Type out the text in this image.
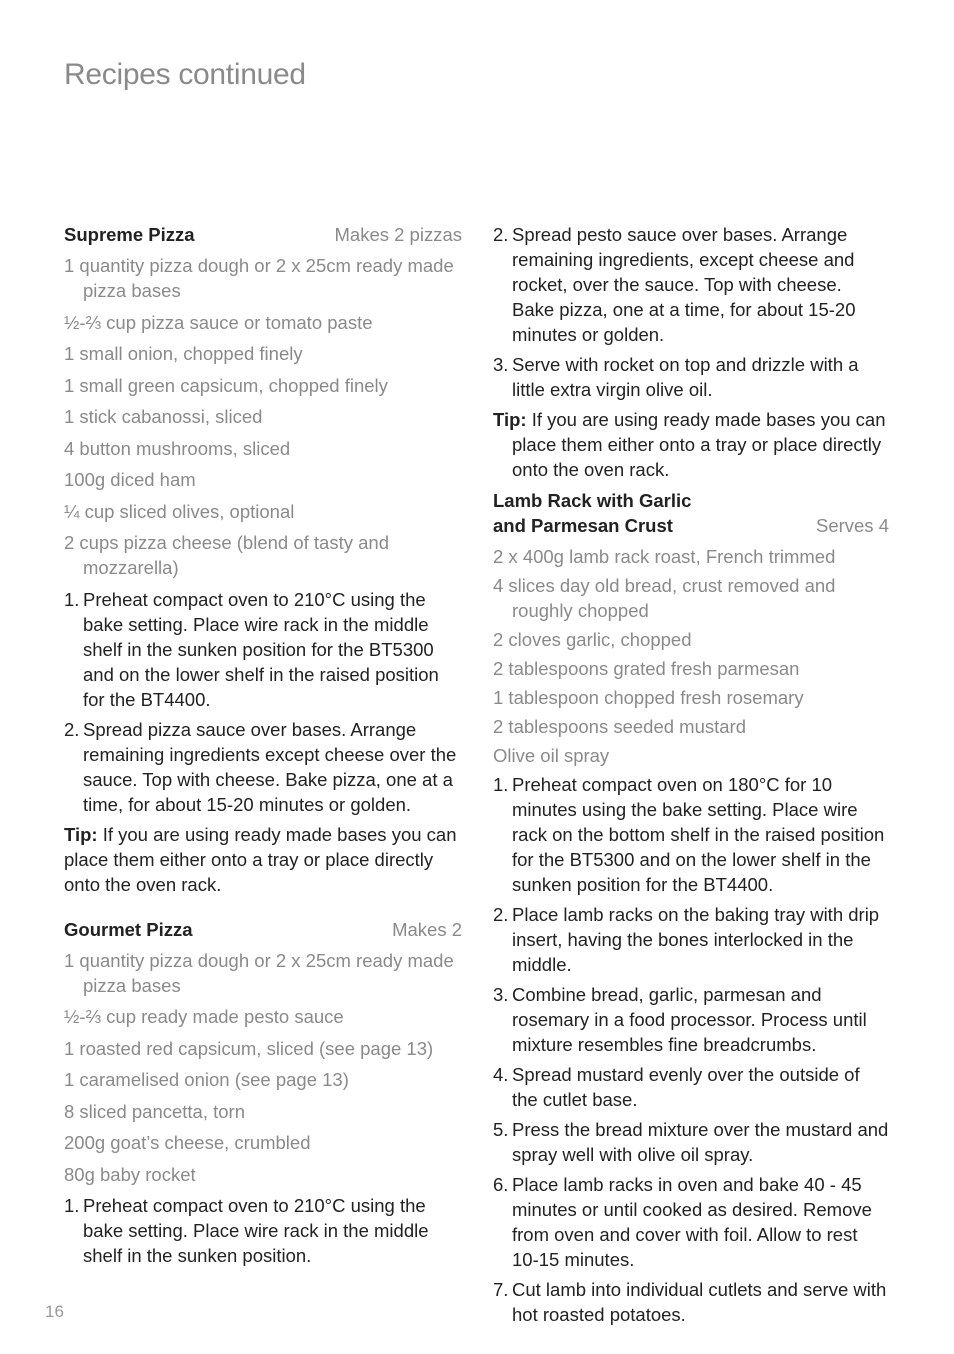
Recipes continued
Supreme Pizza	Makes 2 pizzas
1 quantity pizza dough or 2 x 25cm ready made pizza bases
½-⅔ cup pizza sauce or tomato paste
1 small onion, chopped finely
1 small green capsicum, chopped finely
1 stick cabanossi, sliced
4 button mushrooms, sliced
100g diced ham
¼ cup sliced olives, optional
2 cups pizza cheese (blend of tasty and mozzarella)
1. Preheat compact oven to 210°C using the bake setting. Place wire rack in the middle shelf in the sunken position for the BT5300 and on the lower shelf in the raised position for the BT4400.
2. Spread pizza sauce over bases. Arrange remaining ingredients except cheese over the sauce. Top with cheese. Bake pizza, one at a time, for about 15-20 minutes or golden.

Tip: If you are using ready made bases you can place them either onto a tray or place directly onto the oven rack.

Gourmet Pizza	Makes 2
1 quantity pizza dough or 2 x 25cm ready made pizza bases
½-⅔ cup ready made pesto sauce
1 roasted red capsicum, sliced (see page 13)
1 caramelised onion (see page 13)
8 sliced pancetta, torn
200g goat’s cheese, crumbled
80g baby rocket
1. Preheat compact oven to 210°C using the bake setting. Place wire rack in the middle shelf in the sunken position.
2. Spread pesto sauce over bases. Arrange remaining ingredients, except cheese and rocket, over the sauce. Top with cheese. Bake pizza, one at a time, for about 15-20 minutes or golden.
3. Serve with rocket on top and drizzle with a little extra virgin olive oil.

Tip: If you are using ready made bases you can place them either onto a tray or place directly onto the oven rack.

Lamb Rack with Garlic
and Parmesan Crust	Serves 4
2 x 400g lamb rack roast, French trimmed
4 slices day old bread, crust removed and roughly chopped
2 cloves garlic, chopped
2 tablespoons grated fresh parmesan
1 tablespoon chopped fresh rosemary
2 tablespoons seeded mustard
Olive oil spray
1. Preheat compact oven on 180°C for 10 minutes using the bake setting. Place wire rack on the bottom shelf in the raised position for the BT5300 and on the lower shelf in the sunken position for the BT4400.
2. Place lamb racks on the baking tray with drip insert, having the bones interlocked in the middle.
3. Combine bread, garlic, parmesan and rosemary in a food processor. Process until mixture resembles fine breadcrumbs.
4. Spread mustard evenly over the outside of the cutlet base.
5. Press the bread mixture over the mustard and spray well with olive oil spray.
6. Place lamb racks in oven and bake 40 - 45 minutes or until cooked as desired. Remove from oven and cover with foil. Allow to rest 10-15 minutes.
7. Cut lamb into individual cutlets and serve with hot roasted potatoes.
16
